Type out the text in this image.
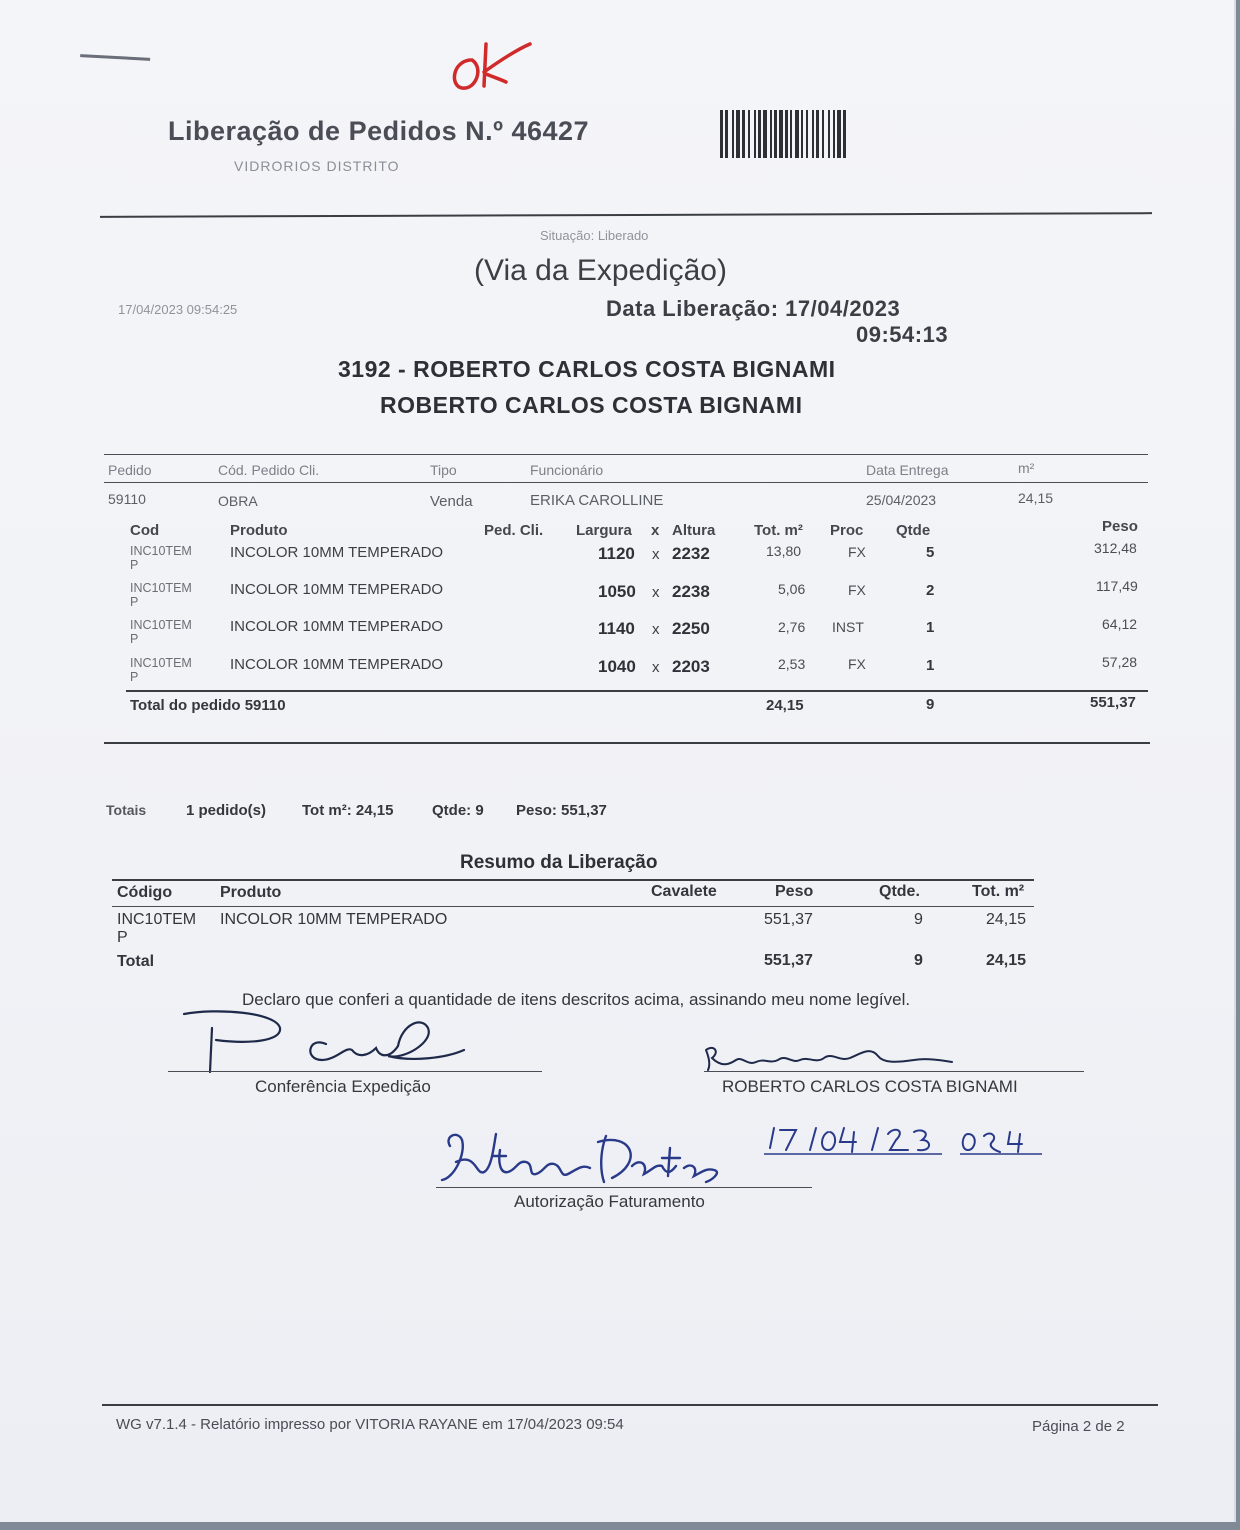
Liberação de Pedidos N.º 46427
VIDRORIOS DISTRITO
Situação: Liberado
(Via da Expedição)
17/04/2023 09:54:25	Data Liberação: 17/04/2023
09:54:13
3192 - ROBERTO CARLOS COSTA BIGNAMI
ROBERTO CARLOS COSTA BIGNAMI
Pedido	Cód. Pedido Cli.	Tipo	Funcionário	Data Entrega	m²
59110	OBRA	Venda	ERIKA CAROLLINE	25/04/2023	24,15
Cod	Produto	Ped. Cli. Largura x Altura	Tot. m² Proc Qtde	Peso
INC10TEM
P
INCOLOR 10MM TEMPERADO	1120 x 2232	13,80	FX	5	312,48
INC10TEM
P
INCOLOR 10MM TEMPERADO	1050 x 2238	5,06	FX	2	117,49
INC10TEM
P
INCOLOR 10MM TEMPERADO	1140 x 2250	2,76 INST	1	64,12
INC10TEM
P
INCOLOR 10MM TEMPERADO	1040 x 2203	2,53	FX	1	57,28
Total do pedido 59110	24,15	9	551,37
Totais	1 pedido(s) Tot m²: 24,15	Qtde: 9 Peso: 551,37
Resumo da Liberação
Código	Produto	Cavalete	Peso	Qtde.	Tot. m²
INC10TEM
P
INCOLOR 10MM TEMPERADO	551,37	9	24,15
Total	551,37	9	24,15
Declaro que conferi a quantidade de itens descritos acima, assinando meu nome legível.
Conferência Expedição	ROBERTO CARLOS COSTA BIGNAMI
Autorização Faturamento
WG v7.1.4 - Relatório impresso por VITORIA RAYANE em 17/04/2023 09:54	Página 2 de 2
